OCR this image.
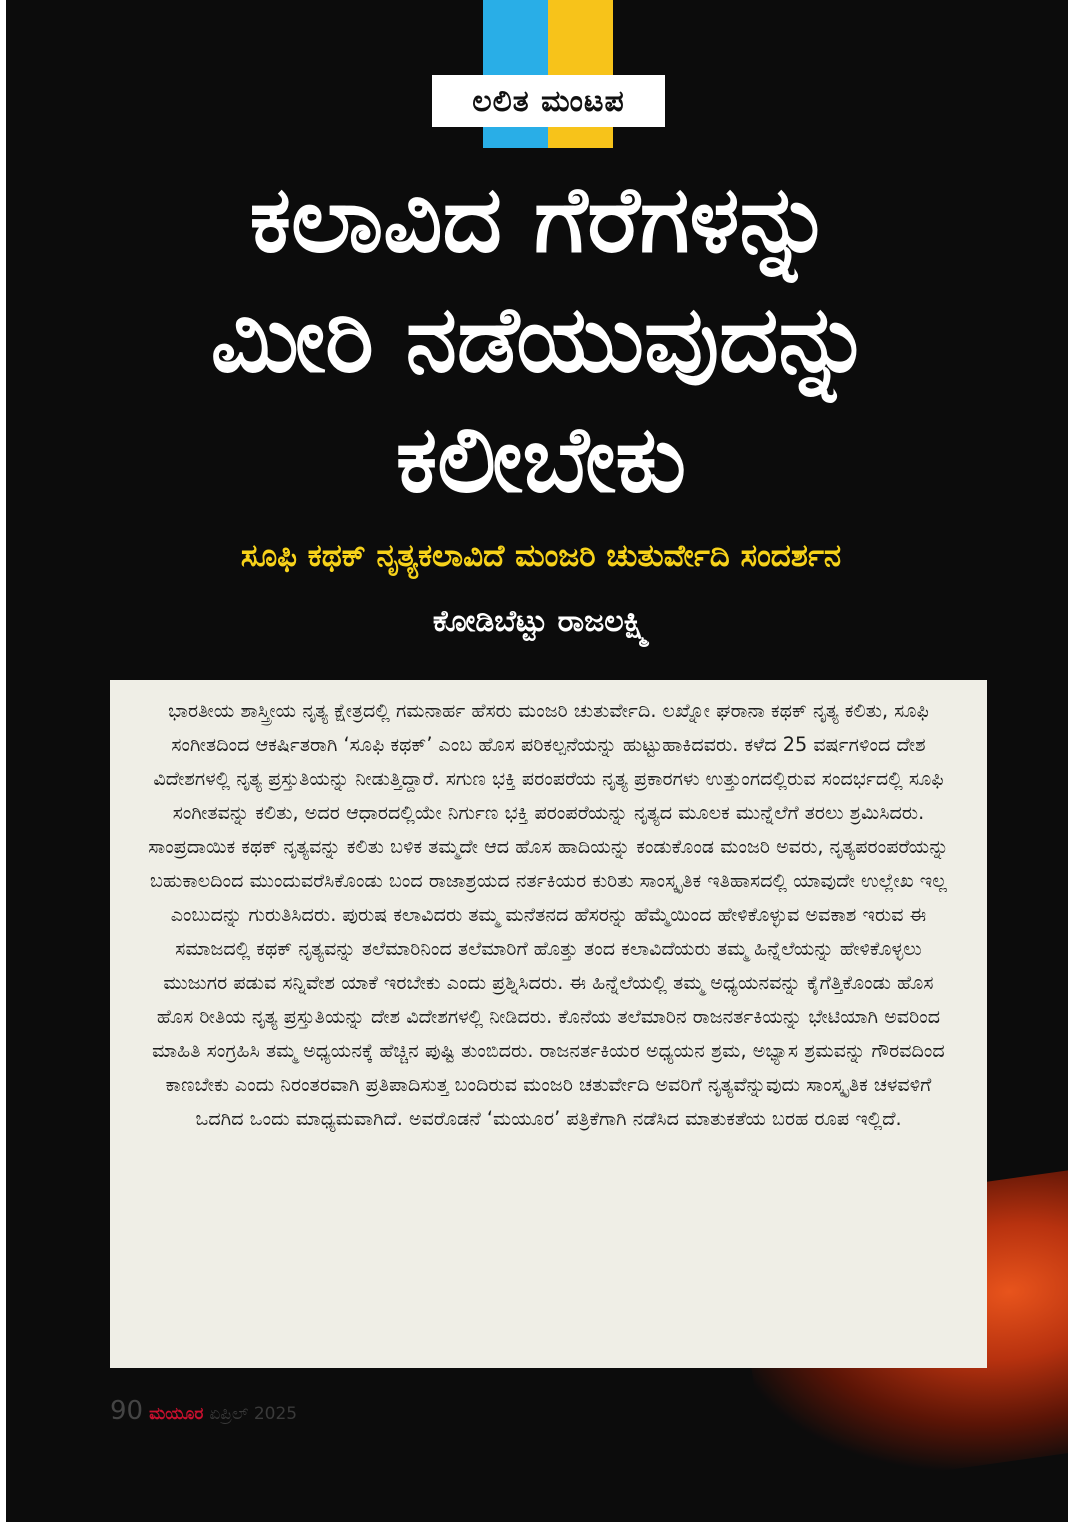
ಲಲಿತ ಮಂಟಪ
ಕಲಾವಿದ ಗೆರೆಗಳನ್ನು
ಮೀರಿ ನಡೆಯುವುದನ್ನು
ಕಲೀಬೇಕು
ಸೂಫಿ ಕಥಕ್ ನೃತ್ಯಕಲಾವಿದೆ ಮಂಜರಿ ಚುತುರ್ವೇದಿ ಸಂದರ್ಶನ
ಕೋಡಿಬೆಟ್ಟು ರಾಜಲಕ್ಷ್ಮಿ

ಭಾರತೀಯ ಶಾಸ್ತ್ರೀಯ ನೃತ್ಯ ಕ್ಷೇತ್ರದಲ್ಲಿ ಗಮನಾರ್ಹ ಹೆಸರು ಮಂಜರಿ ಚುತುರ್ವೇದಿ. ಲಖ್ನೋ ಘರಾನಾ ಕಥಕ್ ನೃತ್ಯ ಕಲಿತು, ಸೂಫಿ ಸಂಗೀತದಿಂದ ಆಕರ್ಷಿತರಾಗಿ ‘ಸೂಫಿ ಕಥಕ್’ ಎಂಬ ಹೊಸ ಪರಿಕಲ್ಪನೆಯನ್ನು ಹುಟ್ಟುಹಾಕಿದವರು. ಕಳೆದ 25 ವರ್ಷಗಳಿಂದ ದೇಶ ವಿದೇಶಗಳಲ್ಲಿ ನೃತ್ಯ ಪ್ರಸ್ತುತಿಯನ್ನು ನೀಡುತ್ತಿದ್ದಾರೆ. ಸಗುಣ ಭಕ್ತಿ ಪರಂಪರೆಯ ನೃತ್ಯ ಪ್ರಕಾರಗಳು ಉತ್ತುಂಗದಲ್ಲಿರುವ ಸಂದರ್ಭದಲ್ಲಿ ಸೂಫಿ ಸಂಗೀತವನ್ನು ಕಲಿತು, ಅದರ ಆಧಾರದಲ್ಲಿಯೇ ನಿರ್ಗುಣ ಭಕ್ತಿ ಪರಂಪರೆಯನ್ನು ನೃತ್ಯದ ಮೂಲಕ ಮುನ್ನೆಲೆಗೆ ತರಲು ಶ್ರಮಿಸಿದರು. ಸಾಂಪ್ರದಾಯಿಕ ಕಥಕ್ ನೃತ್ಯವನ್ನು ಕಲಿತು ಬಳಿಕ ತಮ್ಮದೇ ಆದ ಹೊಸ ಹಾದಿಯನ್ನು ಕಂಡುಕೊಂಡ ಮಂಜರಿ ಅವರು, ನೃತ್ಯಪರಂಪರೆಯನ್ನು ಬಹುಕಾಲದಿಂದ ಮುಂದುವರೆಸಿಕೊಂಡು ಬಂದ ರಾಜಾಶ್ರಯದ ನರ್ತಕಿಯರ ಕುರಿತು ಸಾಂಸ್ಕೃತಿಕ ಇತಿಹಾಸದಲ್ಲಿ ಯಾವುದೇ ಉಲ್ಲೇಖ ಇಲ್ಲ ಎಂಬುದನ್ನು ಗುರುತಿಸಿದರು. ಪುರುಷ ಕಲಾವಿದರು ತಮ್ಮ ಮನೆತನದ ಹೆಸರನ್ನು ಹೆಮ್ಮೆಯಿಂದ ಹೇಳಿಕೊಳ್ಳುವ ಅವಕಾಶ ಇರುವ ಈ ಸಮಾಜದಲ್ಲಿ ಕಥಕ್ ನೃತ್ಯವನ್ನು ತಲೆಮಾರಿನಿಂದ ತಲೆಮಾರಿಗೆ ಹೊತ್ತು ತಂದ ಕಲಾವಿದೆಯರು ತಮ್ಮ ಹಿನ್ನೆಲೆಯನ್ನು ಹೇಳಿಕೊಳ್ಳಲು ಮುಜುಗರ ಪಡುವ ಸನ್ನಿವೇಶ ಯಾಕೆ ಇರಬೇಕು ಎಂದು ಪ್ರಶ್ನಿಸಿದರು. ಈ ಹಿನ್ನೆಲೆಯಲ್ಲಿ ತಮ್ಮ ಅಧ್ಯಯನವನ್ನು ಕೈಗೆತ್ತಿಕೊಂಡು ಹೊಸ ಹೊಸ ರೀತಿಯ ನೃತ್ಯ ಪ್ರಸ್ತುತಿಯನ್ನು ದೇಶ ವಿದೇಶಗಳಲ್ಲಿ ನೀಡಿದರು. ಕೊನೆಯ ತಲೆಮಾರಿನ ರಾಜನರ್ತಕಿಯನ್ನು ಭೇಟಿಯಾಗಿ ಅವರಿಂದ ಮಾಹಿತಿ ಸಂಗ್ರಹಿಸಿ ತಮ್ಮ ಅಧ್ಯಯನಕ್ಕೆ ಹೆಚ್ಚಿನ ಪುಷ್ಟಿ ತುಂಬಿದರು. ರಾಜನರ್ತಕಿಯರ ಅಧ್ಯಯನ ಶ್ರಮ, ಅಭ್ಯಾಸ ಶ್ರಮವನ್ನು ಗೌರವದಿಂದ ಕಾಣಬೇಕು ಎಂದು ನಿರಂತರವಾಗಿ ಪ್ರತಿಪಾದಿಸುತ್ತ ಬಂದಿರುವ ಮಂಜರಿ ಚತುರ್ವೇದಿ ಅವರಿಗೆ ನೃತ್ಯವೆನ್ನುವುದು ಸಾಂಸ್ಕೃತಿಕ ಚಳವಳಿಗೆ ಒದಗಿದ ಒಂದು ಮಾಧ್ಯಮವಾಗಿದೆ. ಅವರೊಡನೆ ‘ಮಯೂರ’ ಪತ್ರಿಕೆಗಾಗಿ ನಡೆಸಿದ ಮಾತುಕತೆಯ ಬರಹ ರೂಪ ಇಲ್ಲಿದೆ.

90 ಮಯೂರ ಏಪ್ರಿಲ್ 2025
